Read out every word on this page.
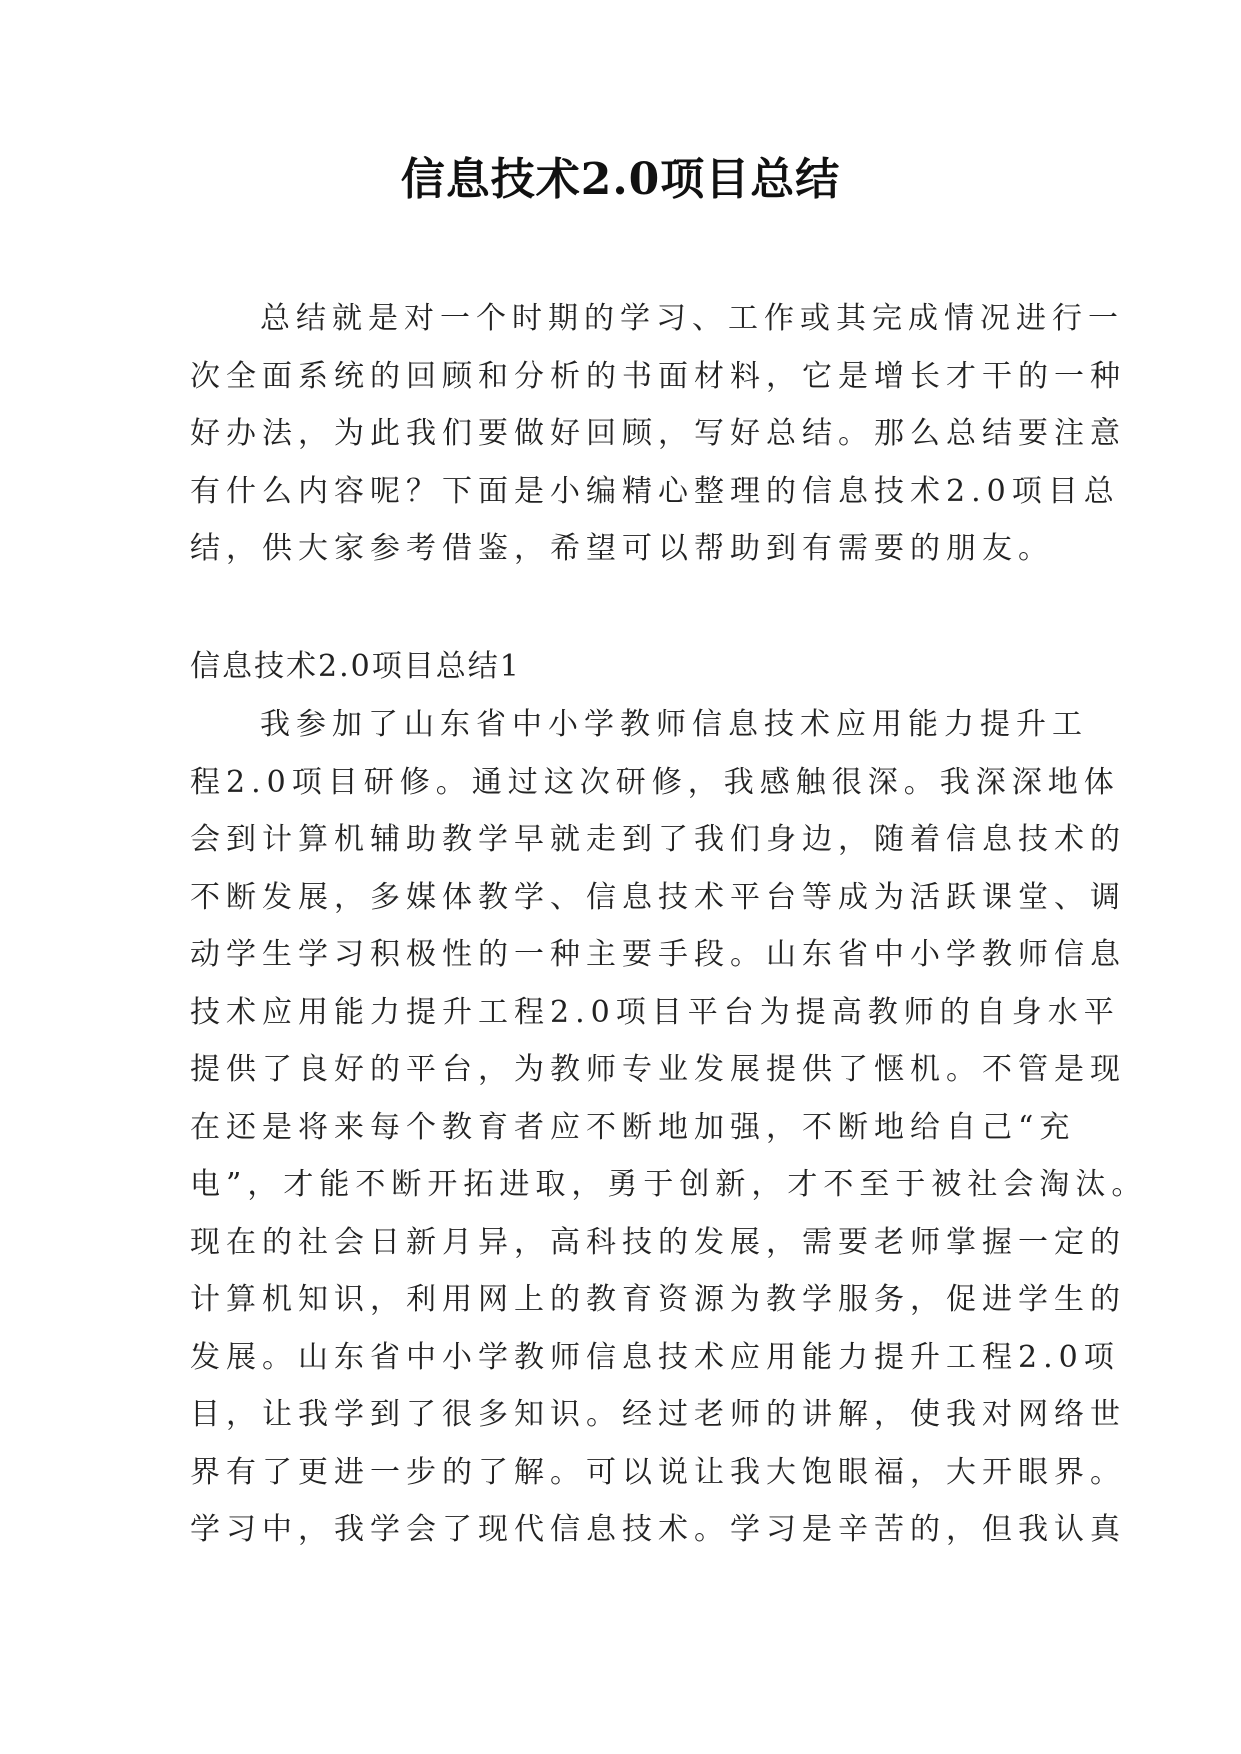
信息技术2.0项目总结
总结就是对一个时期的学习、工作或其完成情况进行一
次全面系统的回顾和分析的书面材料，它是增长才干的一种
好办法，为此我们要做好回顾，写好总结。那么总结要注意
有什么内容呢？下面是小编精心整理的信息技术2.0项目总
结，供大家参考借鉴，希望可以帮助到有需要的朋友。
信息技术2.0项目总结1
我参加了山东省中小学教师信息技术应用能力提升工
程2.0项目研修。通过这次研修，我感触很深。我深深地体
会到计算机辅助教学早就走到了我们身边，随着信息技术的
不断发展，多媒体教学、信息技术平台等成为活跃课堂、调
动学生学习积极性的一种主要手段。山东省中小学教师信息
技术应用能力提升工程2.0项目平台为提高教师的自身水平
提供了良好的平台，为教师专业发展提供了惬机。不管是现
在还是将来每个教育者应不断地加强，不断地给自己“充
电”，才能不断开拓进取，勇于创新，才不至于被社会淘汰。
现在的社会日新月异，高科技的发展，需要老师掌握一定的
计算机知识，利用网上的教育资源为教学服务，促进学生的
发展。山东省中小学教师信息技术应用能力提升工程2.0项
目，让我学到了很多知识。经过老师的讲解，使我对网络世
界有了更进一步的了解。可以说让我大饱眼福，大开眼界。
学习中，我学会了现代信息技术。学习是辛苦的，但我认真
